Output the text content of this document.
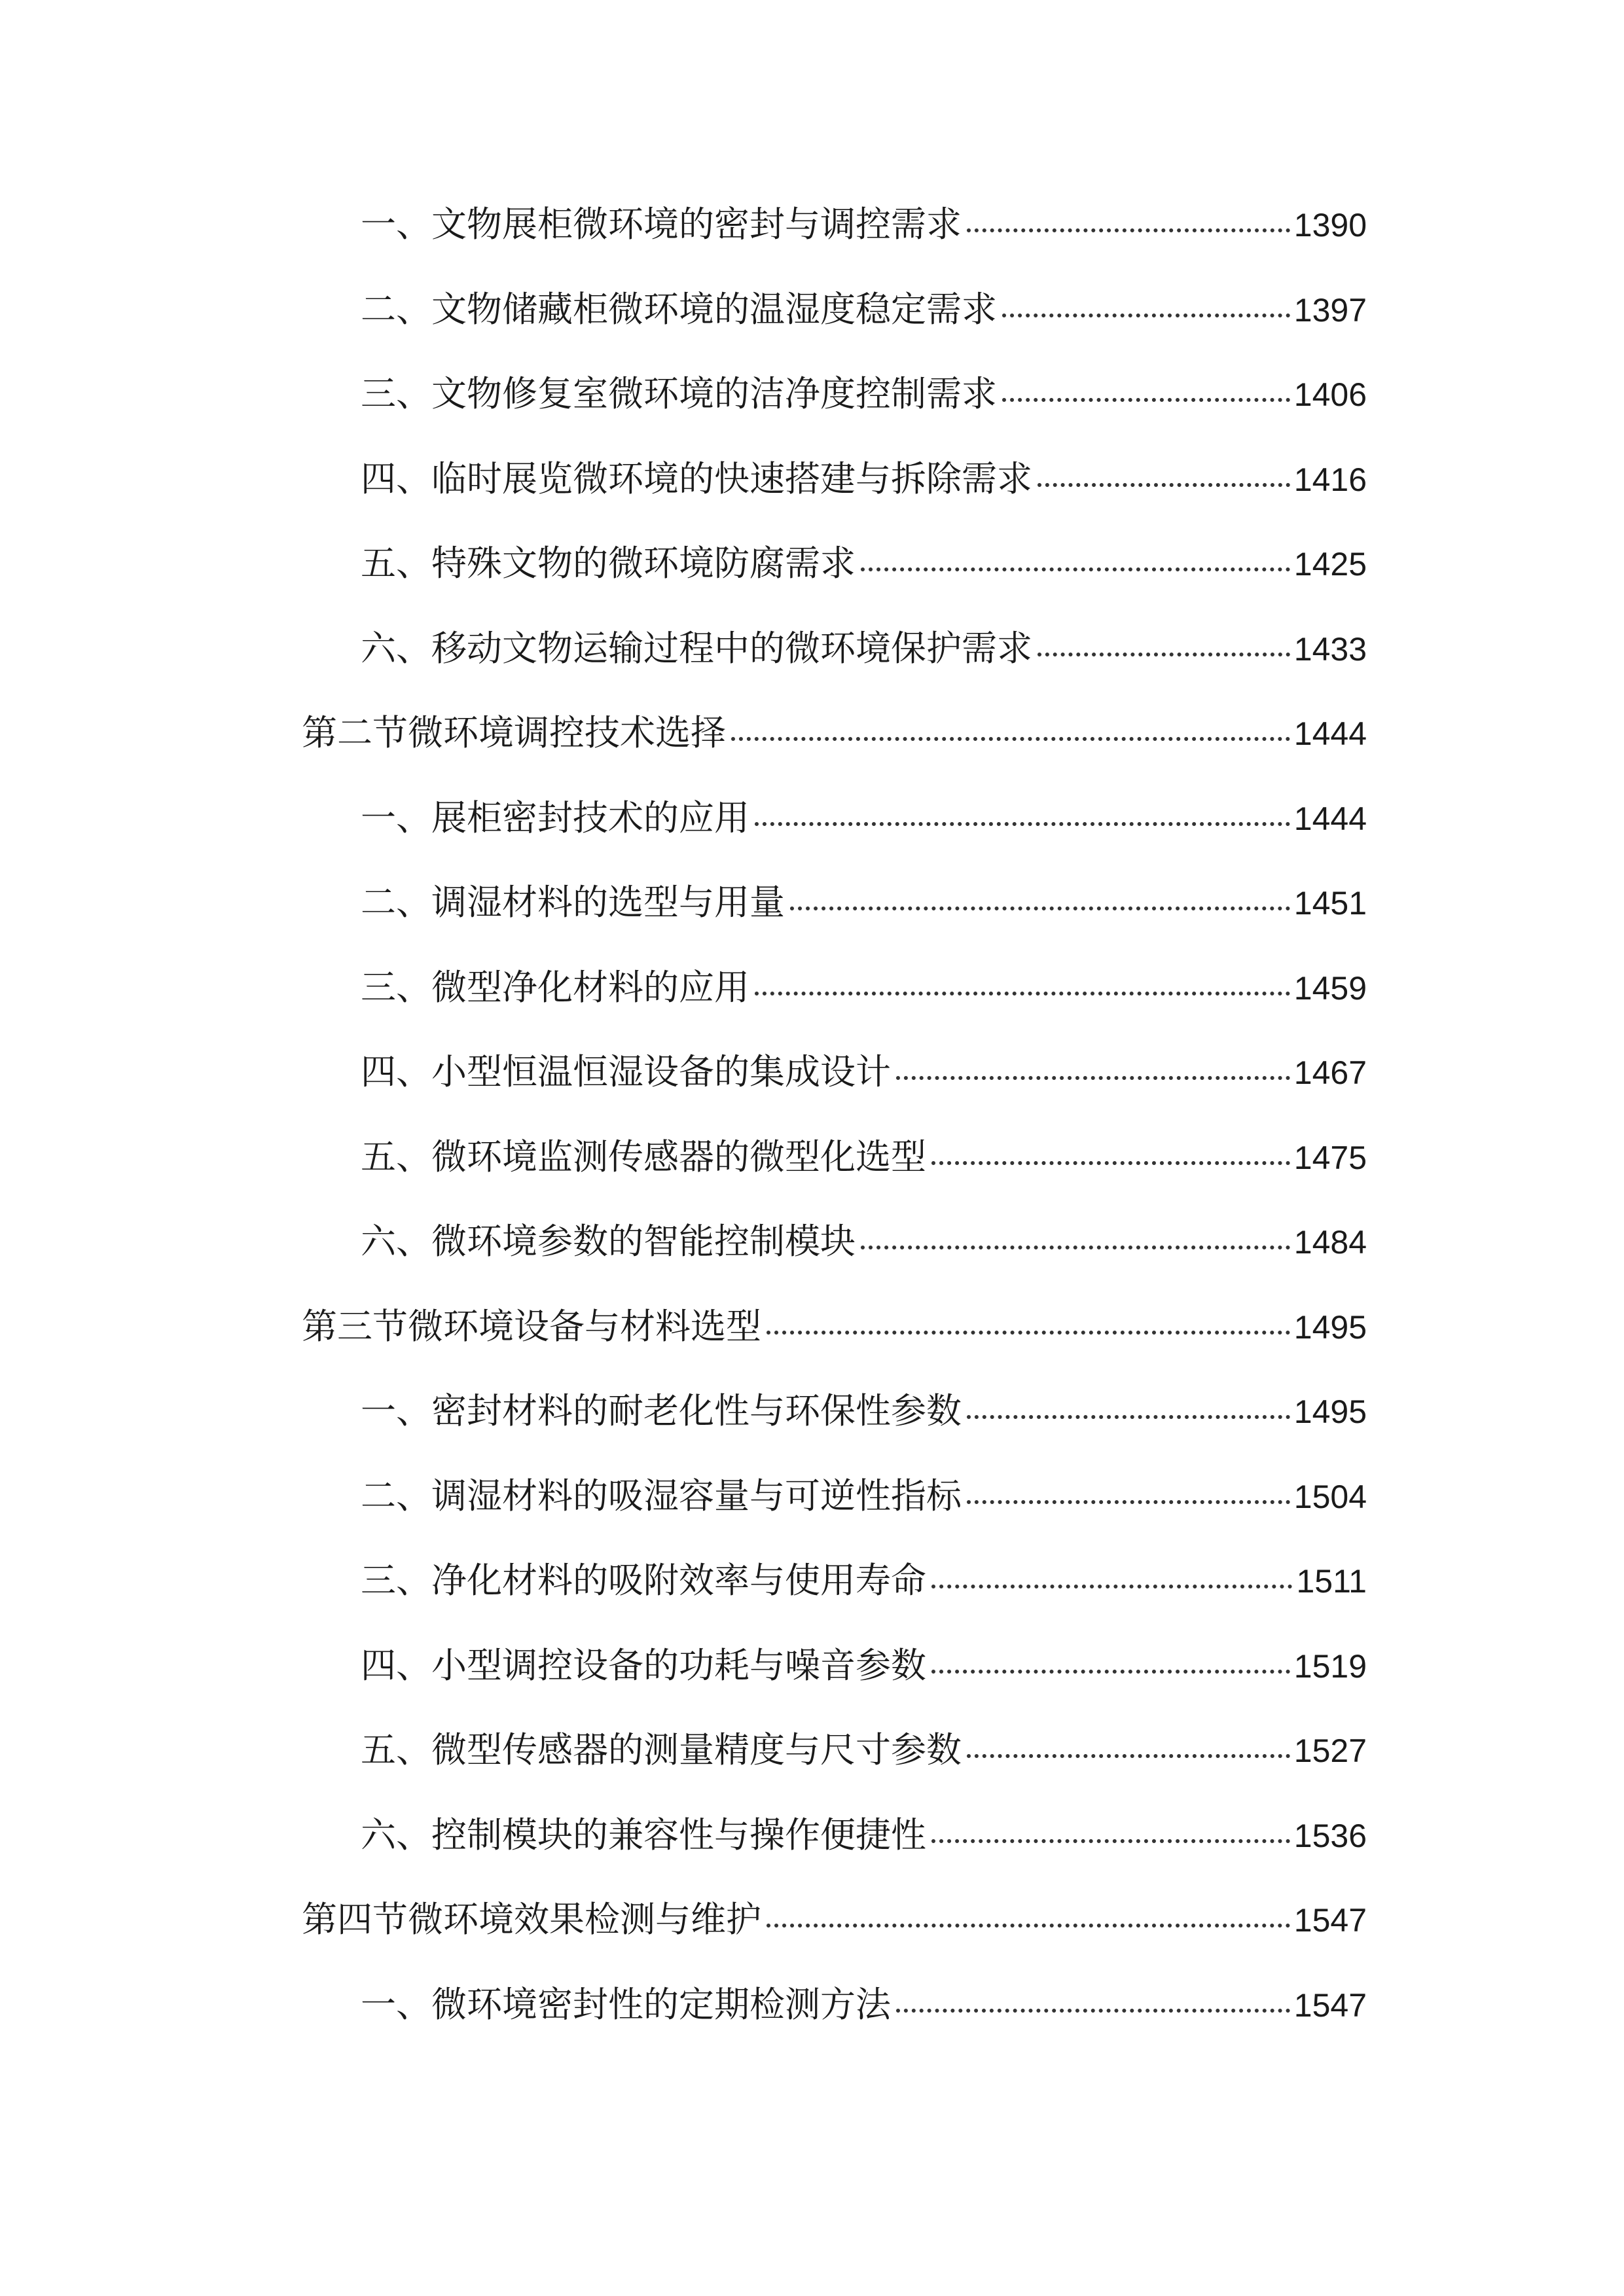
一、文物展柜微环境的密封与调控需求	1390
二、文物储藏柜微环境的温湿度稳定需求	1397
三、文物修复室微环境的洁净度控制需求	1406
四、临时展览微环境的快速搭建与拆除需求	1416
五、特殊文物的微环境防腐需求	1425
六、移动文物运输过程中的微环境保护需求	1433
第二节微环境调控技术选择	1444
一、展柜密封技术的应用	1444
二、调湿材料的选型与用量	1451
三、微型净化材料的应用	1459
四、小型恒温恒湿设备的集成设计	1467
五、微环境监测传感器的微型化选型	1475
六、微环境参数的智能控制模块	1484
第三节微环境设备与材料选型	1495
一、密封材料的耐老化性与环保性参数	1495
二、调湿材料的吸湿容量与可逆性指标	1504
三、净化材料的吸附效率与使用寿命	1511
四、小型调控设备的功耗与噪音参数	1519
五、微型传感器的测量精度与尺寸参数	1527
六、控制模块的兼容性与操作便捷性	1536
第四节微环境效果检测与维护	1547
一、微环境密封性的定期检测方法	1547
